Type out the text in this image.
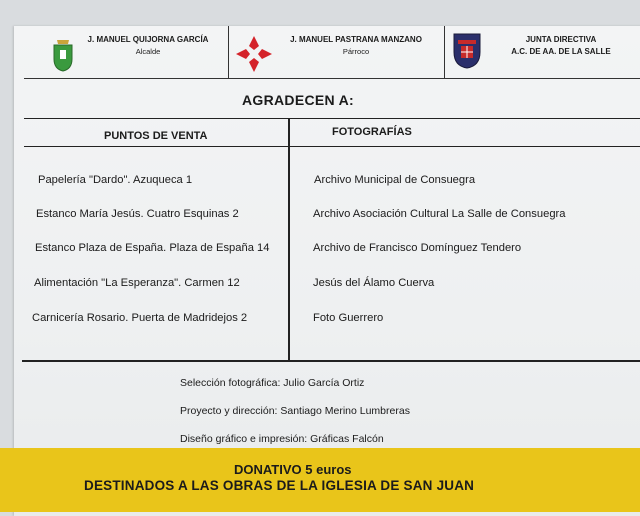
J. MANUEL QUIJORNA GARCÍA
Alcalde
J. MANUEL PASTRANA MANZANO
Párroco
JUNTA DIRECTIVA
A.C. DE AA. DE LA SALLE
AGRADECEN A:
PUNTOS DE VENTA	FOTOGRAFÍAS
Papelería "Dardo". Azuqueca 1
Estanco María Jesús. Cuatro Esquinas 2
Estanco Plaza de España. Plaza de España 14
Alimentación "La Esperanza". Carmen 12
Carnicería Rosario. Puerta de Madridejos 2
Archivo Municipal de Consuegra
Archivo Asociación Cultural La Salle de Consuegra
Archivo de Francisco Domínguez Tendero
Jesús del Álamo Cuerva
Foto Guerrero
Selección fotográfica: Julio García Ortiz
Proyecto y dirección: Santiago Merino Lumbreras
Diseño gráfico e impresión: Gráficas Falcón
DONATIVO 5 euros
DESTINADOS A LAS OBRAS DE LA IGLESIA DE SAN JUAN
